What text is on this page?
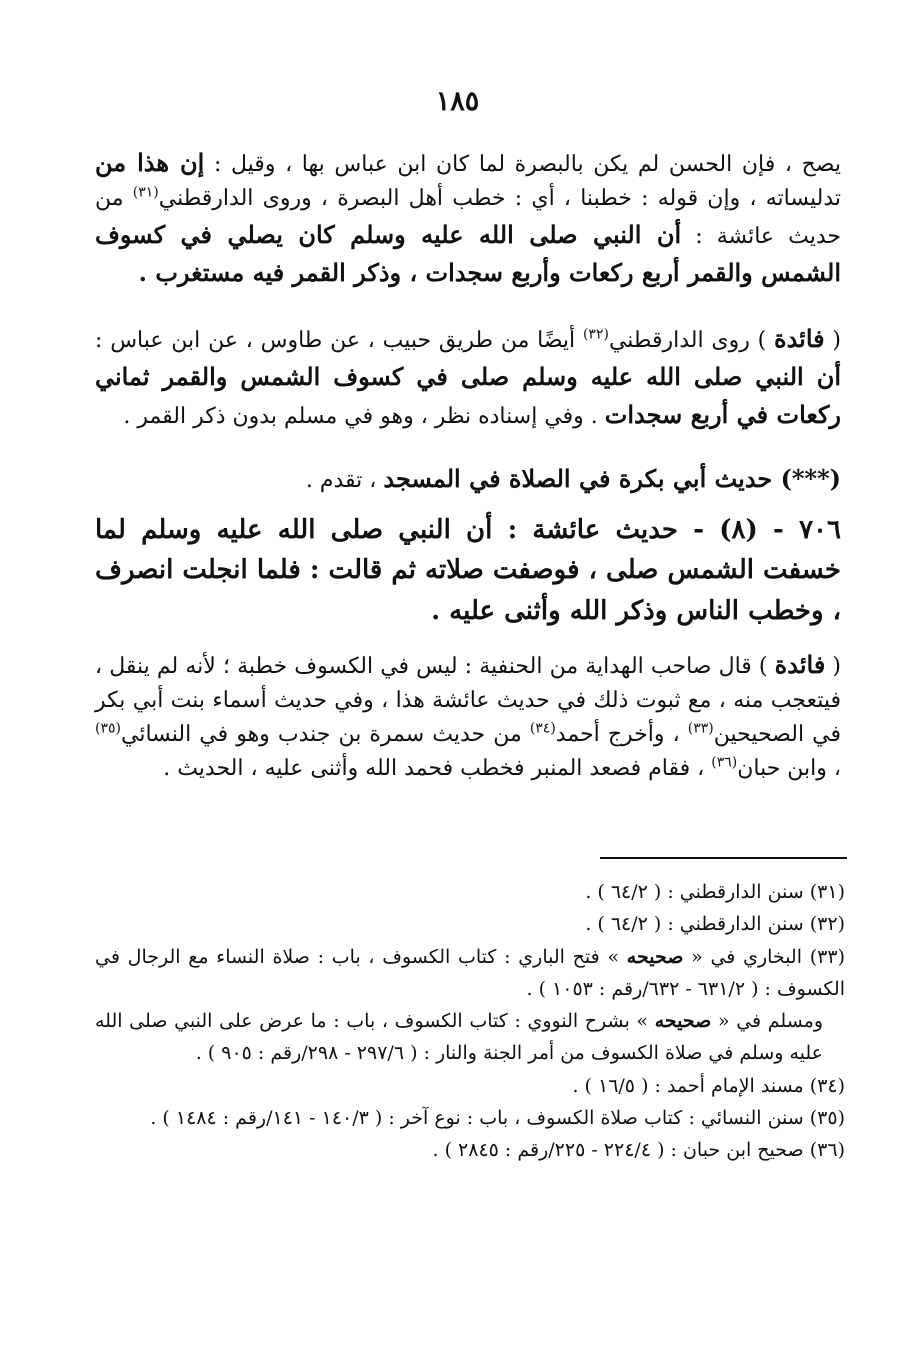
١٨٥

يصح ، فإن الحسن لم يكن بالبصرة لما كان ابن عباس بها ، وقيل : إن هذا من تدليساته ، وإن قوله : خطبنا ، أي : خطب أهل البصرة ، وروى الدارقطني$^{(٣١)}$ من حديث عائشة : أن النبي صلى الله عليه وسلم كان يصلي في كسوف الشمس والقمر أربع ركعات وأربع سجدات ، وذكر القمر فيه مستغرب .

( فائدة ) روى الدارقطني$^{(٣٢)}$ أيضًا من طريق حبيب ، عن طاوس ، عن ابن عباس : أن النبي صلى الله عليه وسلم صلى في كسوف الشمس والقمر ثماني ركعات في أربع سجدات . وفي إسناده نظر ، وهو في مسلم بدون ذكر القمر .

(***) حديث أبي بكرة في الصلاة في المسجد ، تقدم .

٧٠٦ - (٨) - حديث عائشة : أن النبي صلى الله عليه وسلم لما خسفت الشمس صلى ، فوصفت صلاته ثم قالت : فلما انجلت انصرف ، وخطب الناس وذكر الله وأثنى عليه .

( فائدة ) قال صاحب الهداية من الحنفية : ليس في الكسوف خطبة ؛ لأنه لم ينقل ، فيتعجب منه ، مع ثبوت ذلك في حديث عائشة هذا ، وفي حديث أسماء بنت أبي بكر في الصحيحين$^{(٣٣)}$ ، وأخرج أحمد$^{(٣٤)}$ من حديث سمرة بن جندب وهو في النسائي$^{(٣٥)}$ ، وابن حبان$^{(٣٦)}$ ، فقام فصعد المنبر فخطب فحمد الله وأثنى عليه ، الحديث .

(٣١) سنن الدارقطني : ( ٦٤/٢ ) .

(٣٢) سنن الدارقطني : ( ٦٤/٢ ) .

(٣٣) البخاري في « صحيحه » فتح الباري : كتاب الكسوف ، باب : صلاة النساء مع الرجال في الكسوف : ( ٦٣١/٢ - ٦٣٢/رقم : ١٠٥٣ ) .

ومسلم في « صحيحه » بشرح النووي : كتاب الكسوف ، باب : ما عرض على النبي صلى الله عليه وسلم في صلاة الكسوف من أمر الجنة والنار : ( ٢٩٧/٦ - ٢٩٨/رقم : ٩٠٥ ) .

(٣٤) مسند الإمام أحمد : ( ١٦/٥ ) .

(٣٥) سنن النسائي : كتاب صلاة الكسوف ، باب : نوع آخر : ( ١٤٠/٣ - ١٤١/رقم : ١٤٨٤ ) .

(٣٦) صحيح ابن حبان : ( ٢٢٤/٤ - ٢٢٥/رقم : ٢٨٤٥ ) .
